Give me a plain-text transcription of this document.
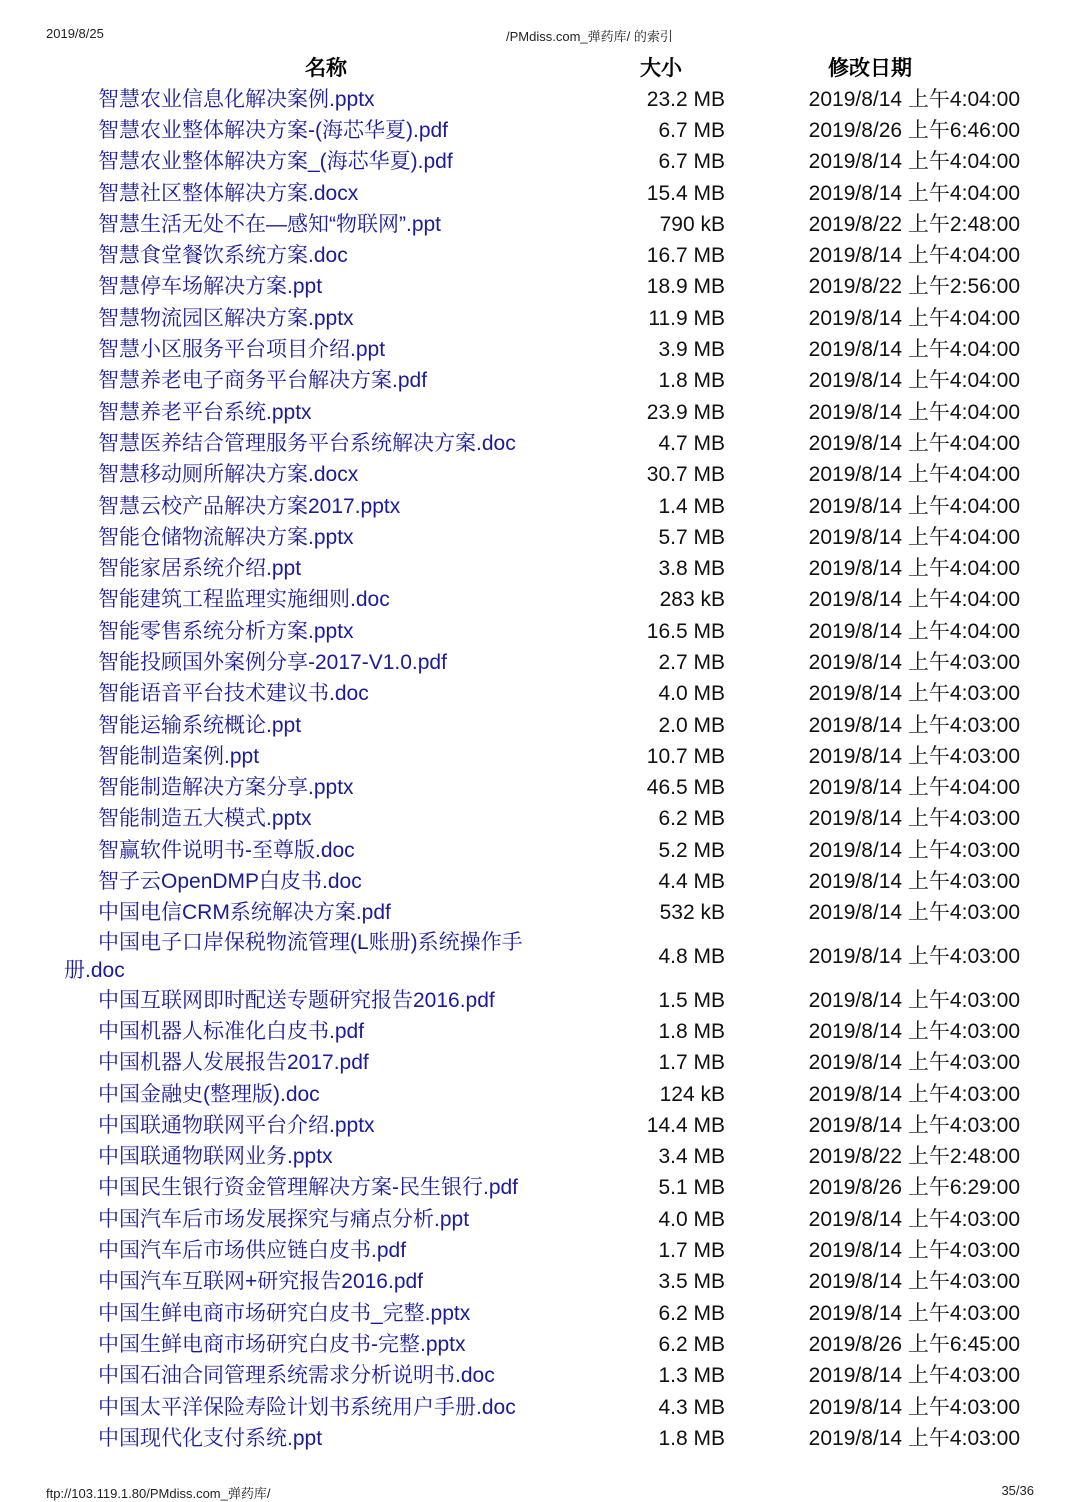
2019/8/25	/PMdiss.com_弹药库/ 的索引
名称	大小	修改日期
智慧农业信息化解决案例.pptx	23.2 MB	2019/8/14 上午4:04:00
智慧农业整体解决方案-(海芯华夏).pdf	6.7 MB	2019/8/26 上午6:46:00
智慧农业整体解决方案_(海芯华夏).pdf	6.7 MB	2019/8/14 上午4:04:00
智慧社区整体解决方案.docx	15.4 MB	2019/8/14 上午4:04:00
智慧生活无处不在—感知“物联网”.ppt	790 kB	2019/8/22 上午2:48:00
智慧食堂餐饮系统方案.doc	16.7 MB	2019/8/14 上午4:04:00
智慧停车场解决方案.ppt	18.9 MB	2019/8/22 上午2:56:00
智慧物流园区解决方案.pptx	11.9 MB	2019/8/14 上午4:04:00
智慧小区服务平台项目介绍.ppt	3.9 MB	2019/8/14 上午4:04:00
智慧养老电子商务平台解决方案.pdf	1.8 MB	2019/8/14 上午4:04:00
智慧养老平台系统.pptx	23.9 MB	2019/8/14 上午4:04:00
智慧医养结合管理服务平台系统解决方案.doc	4.7 MB	2019/8/14 上午4:04:00
智慧移动厕所解决方案.docx	30.7 MB	2019/8/14 上午4:04:00
智慧云校产品解决方案2017.pptx	1.4 MB	2019/8/14 上午4:04:00
智能仓储物流解决方案.pptx	5.7 MB	2019/8/14 上午4:04:00
智能家居系统介绍.ppt	3.8 MB	2019/8/14 上午4:04:00
智能建筑工程监理实施细则.doc	283 kB	2019/8/14 上午4:04:00
智能零售系统分析方案.pptx	16.5 MB	2019/8/14 上午4:04:00
智能投顾国外案例分享-2017-V1.0.pdf	2.7 MB	2019/8/14 上午4:03:00
智能语音平台技术建议书.doc	4.0 MB	2019/8/14 上午4:03:00
智能运输系统概论.ppt	2.0 MB	2019/8/14 上午4:03:00
智能制造案例.ppt	10.7 MB	2019/8/14 上午4:03:00
智能制造解决方案分享.pptx	46.5 MB	2019/8/14 上午4:04:00
智能制造五大模式.pptx	6.2 MB	2019/8/14 上午4:03:00
智赢软件说明书-至尊版.doc	5.2 MB	2019/8/14 上午4:03:00
智子云OpenDMP白皮书.doc	4.4 MB	2019/8/14 上午4:03:00
中国电信CRM系统解决方案.pdf	532 kB	2019/8/14 上午4:03:00
中国电子口岸保税物流管理(L账册)系统操作手册.doc
4.8 MB	2019/8/14 上午4:03:00
中国互联网即时配送专题研究报告2016.pdf	1.5 MB	2019/8/14 上午4:03:00
中国机器人标准化白皮书.pdf	1.8 MB	2019/8/14 上午4:03:00
中国机器人发展报告2017.pdf	1.7 MB	2019/8/14 上午4:03:00
中国金融史(整理版).doc	124 kB	2019/8/14 上午4:03:00
中国联通物联网平台介绍.pptx	14.4 MB	2019/8/14 上午4:03:00
中国联通物联网业务.pptx	3.4 MB	2019/8/22 上午2:48:00
中国民生银行资金管理解决方案-民生银行.pdf	5.1 MB	2019/8/26 上午6:29:00
中国汽车后市场发展探究与痛点分析.ppt	4.0 MB	2019/8/14 上午4:03:00
中国汽车后市场供应链白皮书.pdf	1.7 MB	2019/8/14 上午4:03:00
中国汽车互联网+研究报告2016.pdf	3.5 MB	2019/8/14 上午4:03:00
中国生鲜电商市场研究白皮书_完整.pptx	6.2 MB	2019/8/14 上午4:03:00
中国生鲜电商市场研究白皮书-完整.pptx	6.2 MB	2019/8/26 上午6:45:00
中国石油合同管理系统需求分析说明书.doc	1.3 MB	2019/8/14 上午4:03:00
中国太平洋保险寿险计划书系统用户手册.doc	4.3 MB	2019/8/14 上午4:03:00
中国现代化支付系统.ppt	1.8 MB	2019/8/14 上午4:03:00
ftp://103.119.1.80/PMdiss.com_弹药库/	35/36
